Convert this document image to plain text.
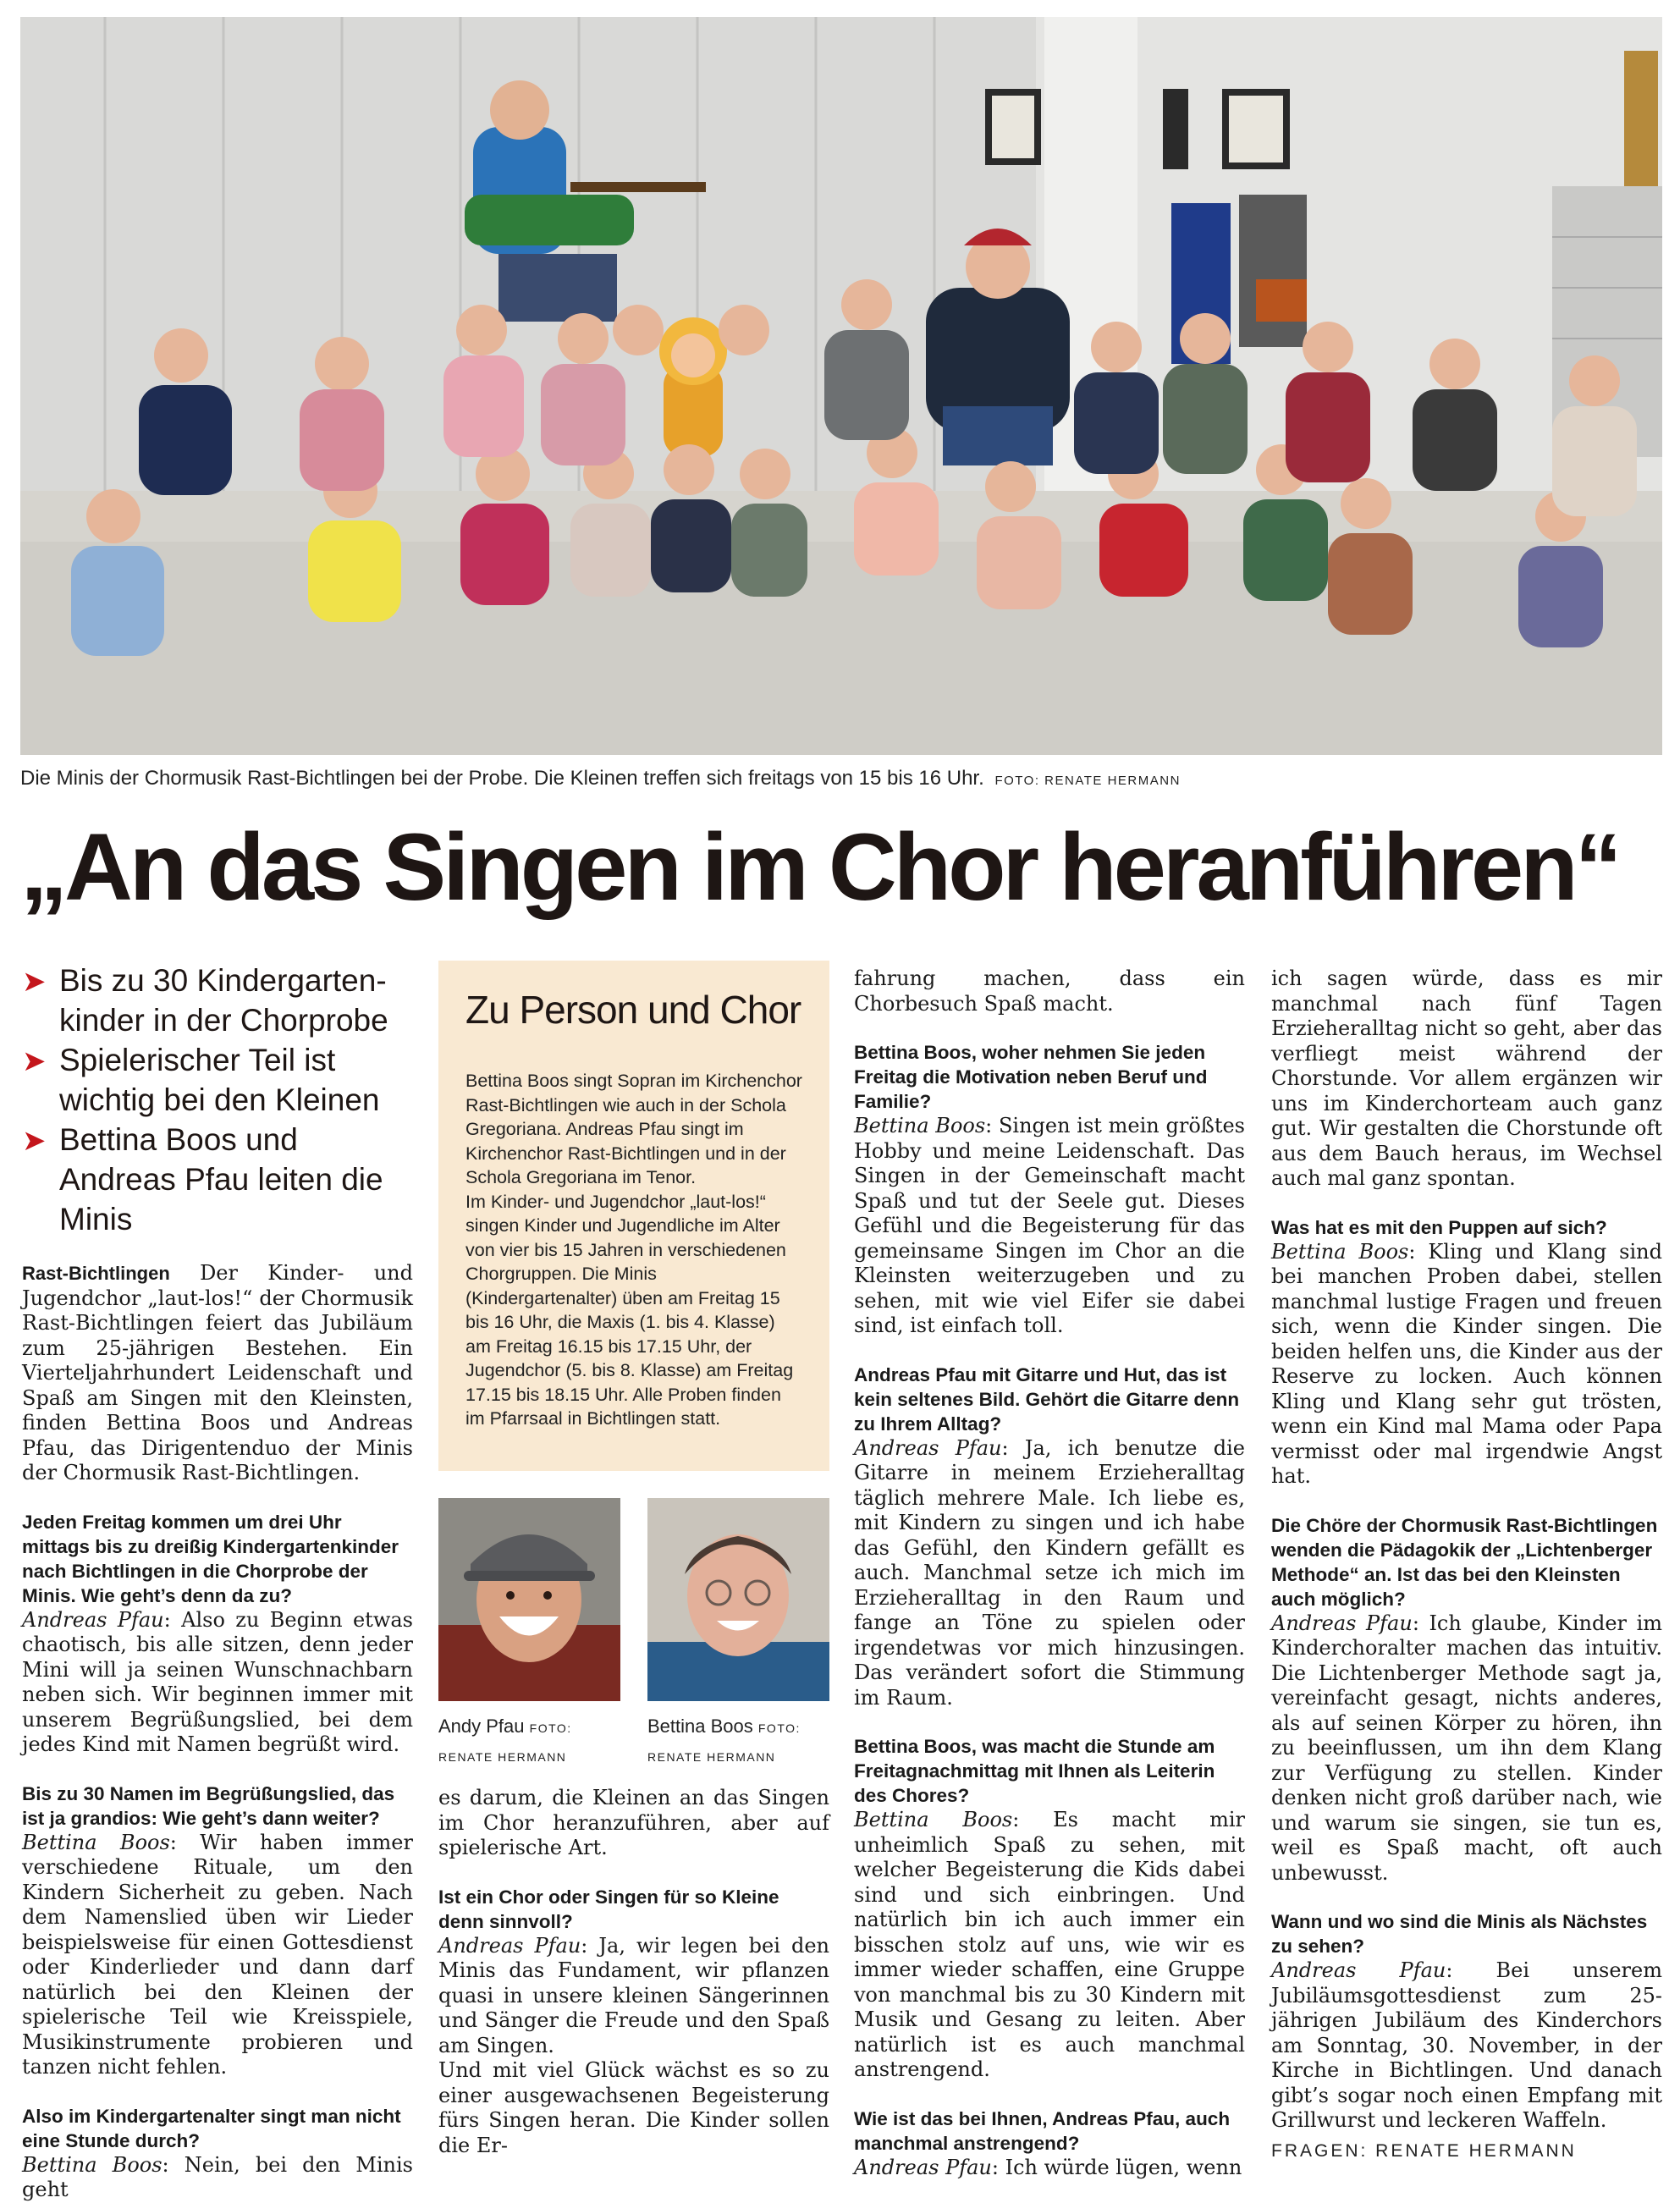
Die Minis der Chormusik Rast-Bichtlingen bei der Probe. Die Kleinen treffen sich freitags von 15 bis 16 Uhr. FOTO: RENATE HERMANN
„An das Singen im Chor heranführen“
➤ Bis zu 30 Kindergarten-kinder in der Chorprobe
➤ Spielerischer Teil ist wichtig bei den Kleinen
➤ Bettina Boos und Andreas Pfau leiten die Minis

Rast-Bichtlingen Der Kinder- und Jugendchor „laut-los!“ der Chormusik Rast-Bichtlingen feiert das Jubiläum zum 25-jährigen Bestehen. Ein Vierteljahrhundert Leidenschaft und Spaß am Singen mit den Kleinsten, finden Bettina Boos und Andreas Pfau, das Dirigentenduo der Minis der Chormusik Rast-Bichtlingen.

Jeden Freitag kommen um drei Uhr mittags bis zu dreißig Kindergartenkinder nach Bichtlingen in die Chorprobe der Minis. Wie geht’s denn da zu?
Andreas Pfau: Also zu Beginn etwas chaotisch, bis alle sitzen, denn jeder Mini will ja seinen Wunschnachbarn neben sich. Wir beginnen immer mit unserem Begrüßungslied, bei dem jedes Kind mit Namen begrüßt wird.

Bis zu 30 Namen im Begrüßungslied, das ist ja grandios: Wie geht’s dann weiter?
Bettina Boos: Wir haben immer verschiedene Rituale, um den Kindern Sicherheit zu geben. Nach dem Namenslied üben wir Lieder beispielsweise für einen Gottesdienst oder Kinderlieder und dann darf natürlich bei den Kleinen der spielerische Teil wie Kreisspiele, Musikinstrumente probieren und tanzen nicht fehlen.

Also im Kindergartenalter singt man nicht eine Stunde durch?
Bettina Boos: Nein, bei den Minis geht

Zu Person und Chor

Bettina Boos singt Sopran im Kirchenchor Rast-Bichtlingen wie auch in der Schola Gregoriana. Andreas Pfau singt im Kirchenchor Rast-Bichtlingen und in der Schola Gregoriana im Tenor.

Im Kinder- und Jugendchor „laut-los!“ singen Kinder und Jugendliche im Alter von vier bis 15 Jahren in verschiedenen Chorgruppen. Die Minis (Kindergartenalter) üben am Freitag 15 bis 16 Uhr, die Maxis (1. bis 4. Klasse) am Freitag 16.15 bis 17.15 Uhr, der Jugendchor (5. bis 8. Klasse) am Freitag 17.15 bis 18.15 Uhr. Alle Proben finden im Pfarrsaal in Bichtlingen statt.

Andy Pfau FOTO:
RENATE HERMANN
Bettina Boos FOTO:
RENATE HERMANN

es darum, die Kleinen an das Singen im Chor heranzuführen, aber auf spielerische Art.

Ist ein Chor oder Singen für so Kleine denn sinnvoll?
Andreas Pfau: Ja, wir legen bei den Minis das Fundament, wir pflanzen quasi in unsere kleinen Sängerinnen und Sänger die Freude und den Spaß am Singen.
Und mit viel Glück wächst es so zu einer ausgewachsenen Begeisterung fürs Singen heran. Die Kinder sollen die Er-

fahrung machen, dass ein Chorbesuch Spaß macht.

Bettina Boos, woher nehmen Sie jeden Freitag die Motivation neben Beruf und Familie?
Bettina Boos: Singen ist mein größtes Hobby und meine Leidenschaft. Das Singen in der Gemeinschaft macht Spaß und tut der Seele gut. Dieses Gefühl und die Begeisterung für das gemeinsame Singen im Chor an die Kleinsten weiterzugeben und zu sehen, mit wie viel Eifer sie dabei sind, ist einfach toll.

Andreas Pfau mit Gitarre und Hut, das ist kein seltenes Bild. Gehört die Gitarre denn zu Ihrem Alltag?
Andreas Pfau: Ja, ich benutze die Gitarre in meinem Erzieheralltag täglich mehrere Male. Ich liebe es, mit Kindern zu singen und ich habe das Gefühl, den Kindern gefällt es auch. Manchmal setze ich mich im Erzieheralltag in den Raum und fange an Töne zu spielen oder irgendetwas vor mich hinzusingen. Das verändert sofort die Stimmung im Raum.

Bettina Boos, was macht die Stunde am Freitagnachmittag mit Ihnen als Leiterin des Chores?
Bettina Boos: Es macht mir unheimlich Spaß zu sehen, mit welcher Begeisterung die Kids dabei sind und sich einbringen. Und natürlich bin ich auch immer ein bisschen stolz auf uns, wie wir es immer wieder schaffen, eine Gruppe von manchmal bis zu 30 Kindern mit Musik und Gesang zu leiten. Aber natürlich ist es auch manchmal anstrengend.

Wie ist das bei Ihnen, Andreas Pfau, auch manchmal anstrengend?
Andreas Pfau: Ich würde lügen, wenn

ich sagen würde, dass es mir manchmal nach fünf Tagen Erzieheralltag nicht so geht, aber das verfliegt meist während der Chorstunde. Vor allem ergänzen wir uns im Kinderchorteam auch ganz gut. Wir gestalten die Chorstunde oft aus dem Bauch heraus, im Wechsel auch mal ganz spontan.

Was hat es mit den Puppen auf sich?
Bettina Boos: Kling und Klang sind bei manchen Proben dabei, stellen manchmal lustige Fragen und freuen sich, wenn die Kinder singen. Die beiden helfen uns, die Kinder aus der Reserve zu locken. Auch können Kling und Klang sehr gut trösten, wenn ein Kind mal Mama oder Papa vermisst oder mal irgendwie Angst hat.

Die Chöre der Chormusik Rast-Bichtlingen wenden die Pädagokik der „Lichtenberger Methode“ an. Ist das bei den Kleinsten auch möglich?
Andreas Pfau: Ich glaube, Kinder im Kinderchoralter machen das intuitiv. Die Lichtenberger Methode sagt ja, vereinfacht gesagt, nichts anderes, als auf seinen Körper zu hören, ihn zu beeinflussen, um ihn dem Klang zur Verfügung zu stellen. Kinder denken nicht groß darüber nach, wie und warum sie singen, sie tun es, weil es Spaß macht, oft auch unbewusst.

Wann und wo sind die Minis als Nächstes zu sehen?
Andreas Pfau: Bei unserem Jubiläumsgottesdienst zum 25-jährigen Jubiläum des Kinderchors am Sonntag, 30. November, in der Kirche in Bichtlingen. Und danach gibt’s sogar noch einen Empfang mit Grillwurst und leckeren Waffeln.

FRAGEN: RENATE HERMANN
